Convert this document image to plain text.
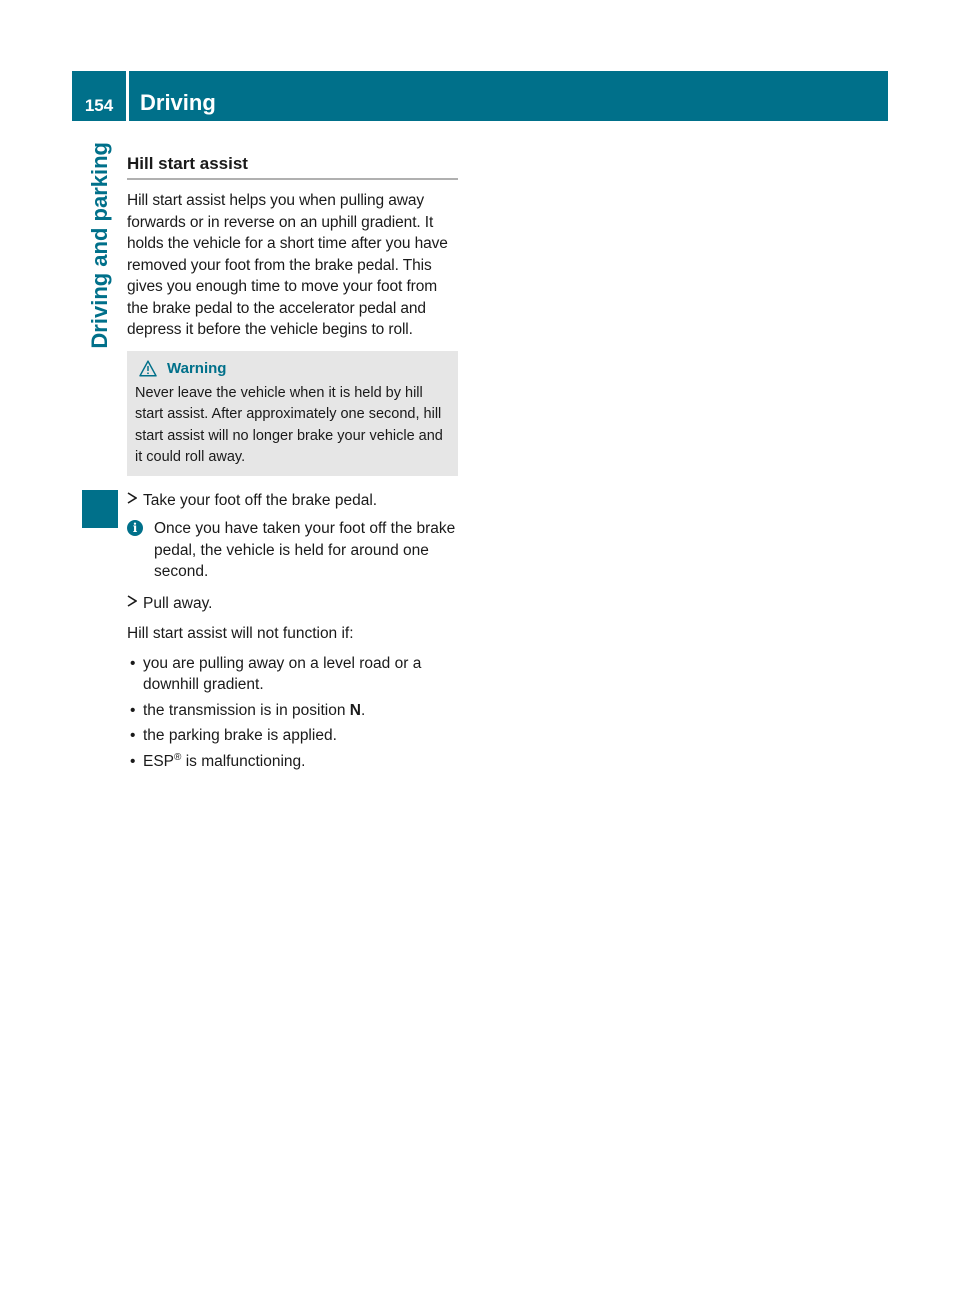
154	Driving
Driving and parking Hill start assist

Hill start assist helps you when pulling away forwards or in reverse on an uphill gradient. It holds the vehicle for a short time after you have removed your foot from the brake pedal. This gives you enough time to move your foot from the brake pedal to the accelerator pedal and depress it before the vehicle begins to roll.

Warning
Never leave the vehicle when it is held by hill start assist. After approximately one second, hill start assist will no longer brake your vehicle and it could roll away.
Take your foot off the brake pedal.
i	Once you have taken your foot off the brake pedal, the vehicle is held for around one second.
Pull away.

Hill start assist will not function if:

• you are pulling away on a level road or a downhill gradient.
• the transmission is in position N.
• the parking brake is applied.
• ESP® is malfunctioning.
